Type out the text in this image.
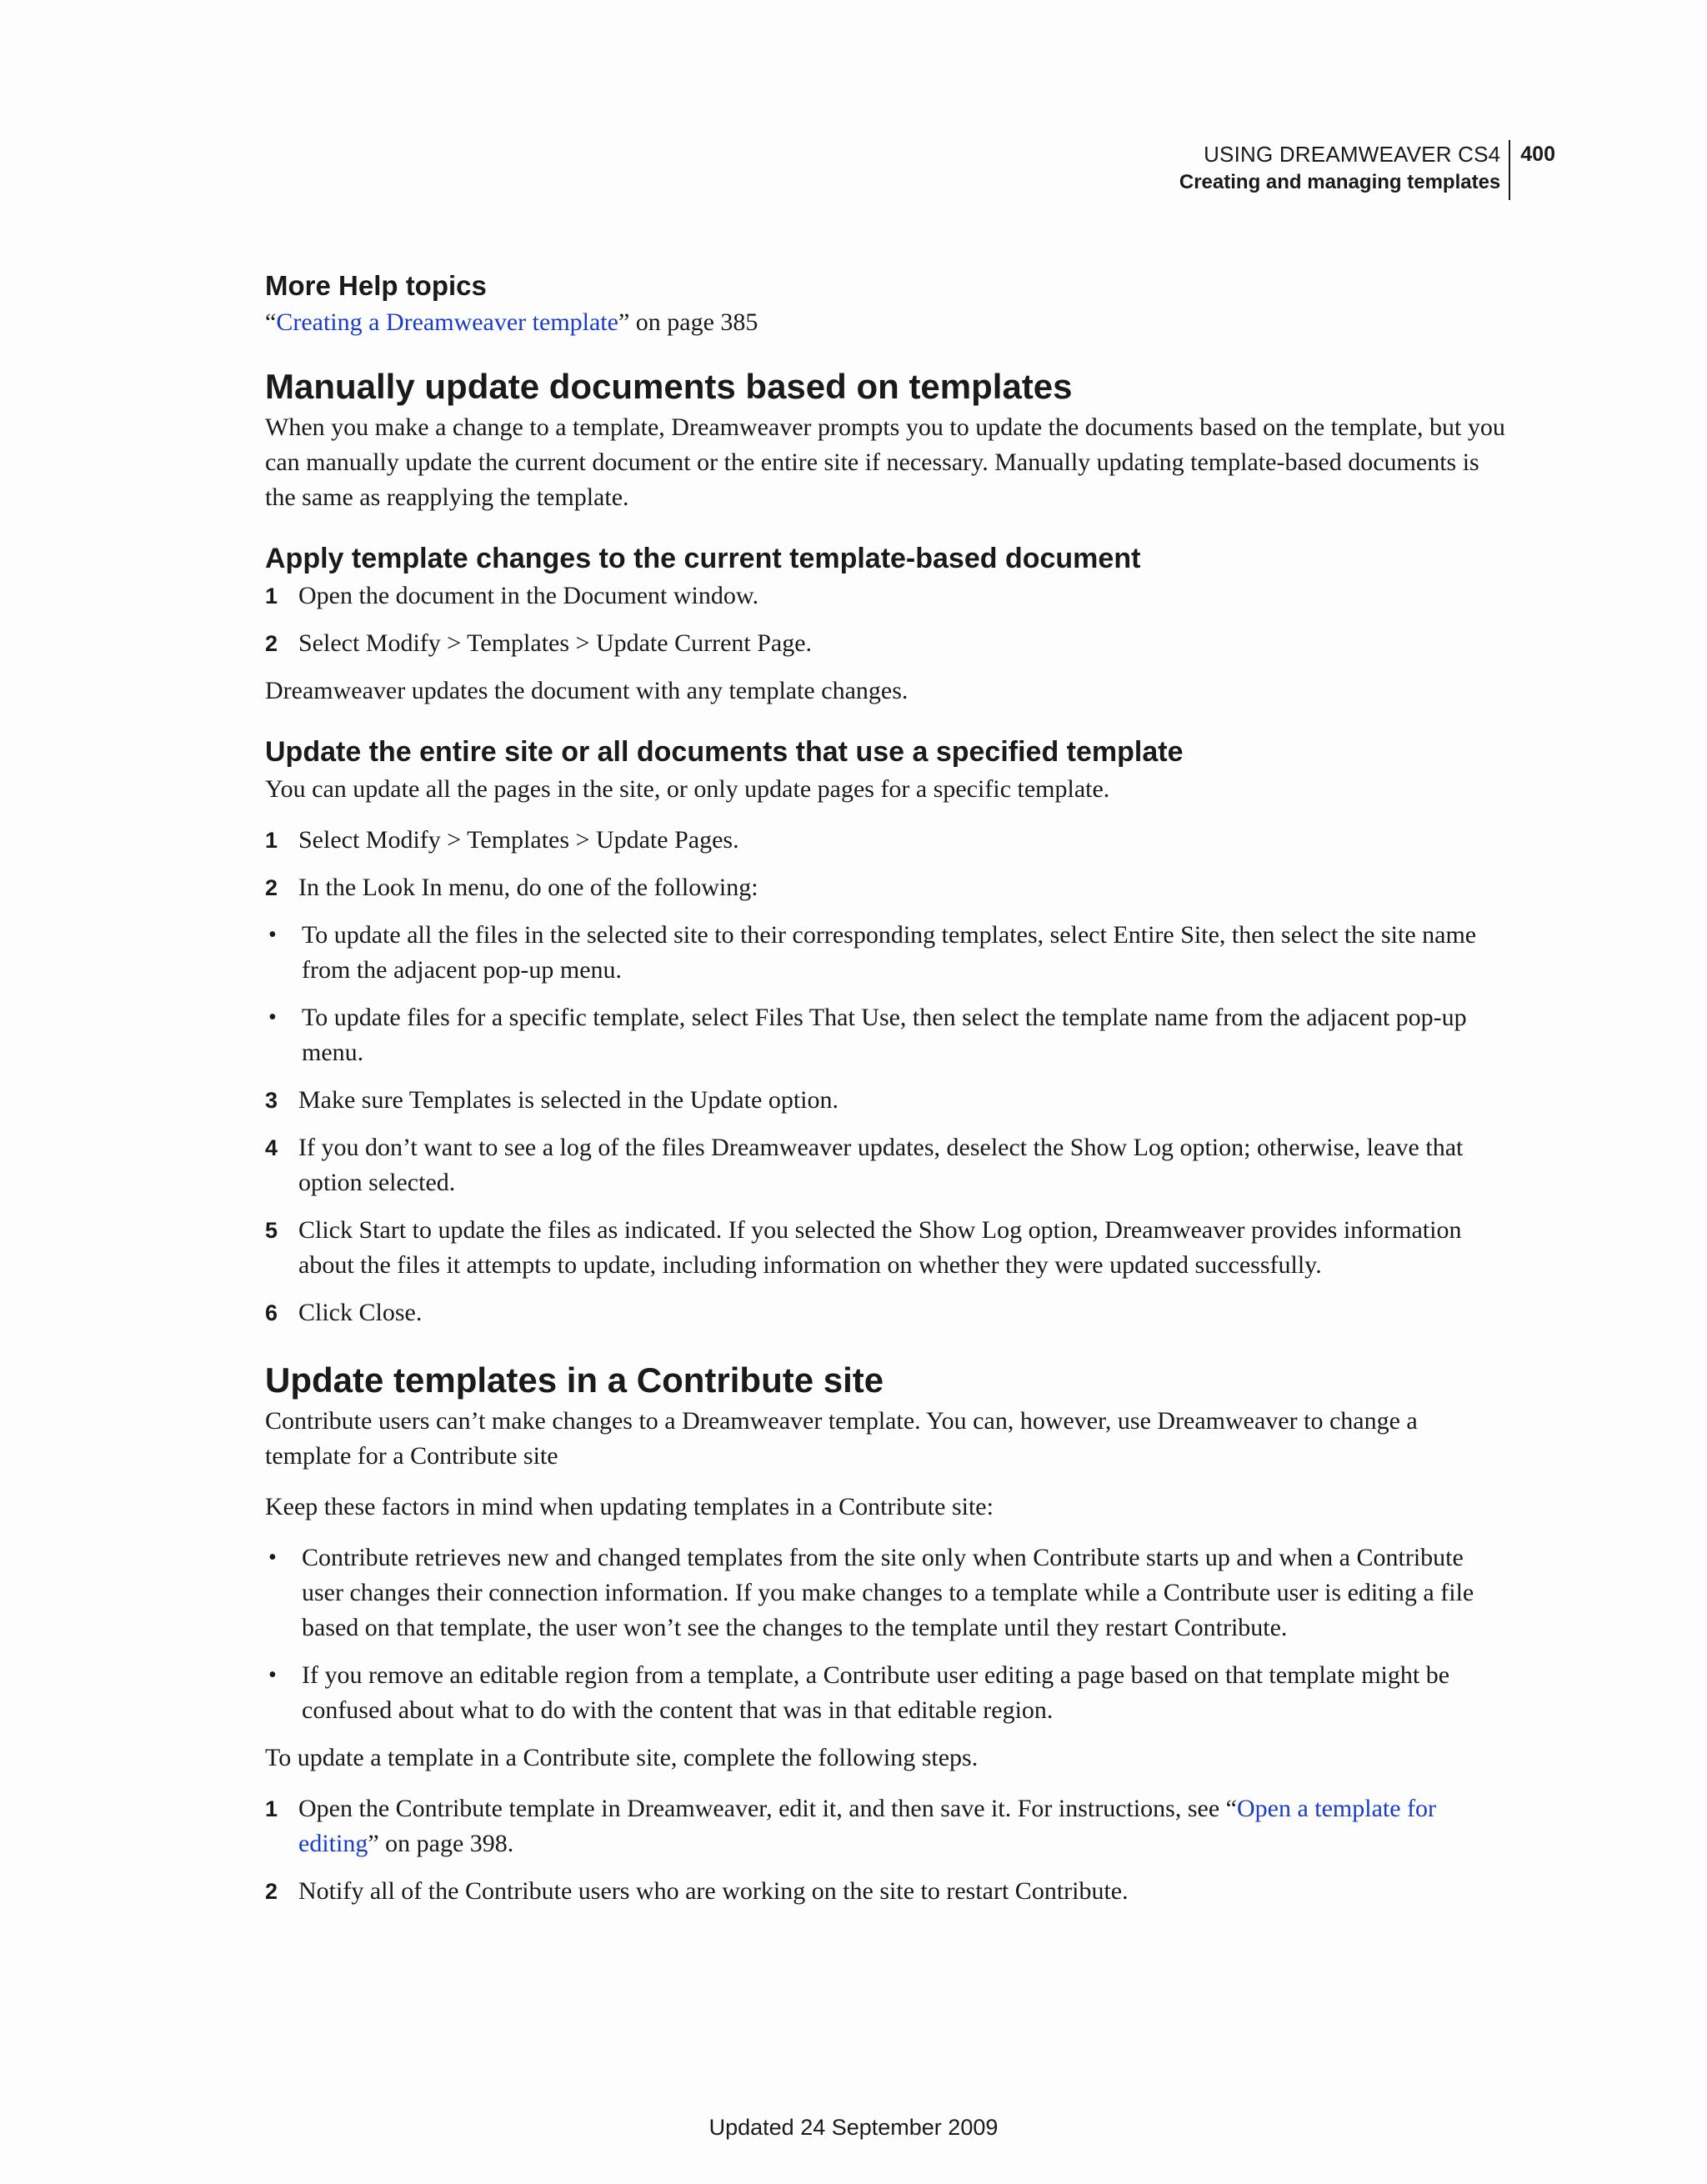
USING DREAMWEAVER CS4
Creating and managing templates
400
More Help topics

“Creating a Dreamweaver template” on page 385

Manually update documents based on templates

When you make a change to a template, Dreamweaver prompts you to update the documents based on the template, but you can manually update the current document or the entire site if necessary. Manually updating template-based documents is the same as reapplying the template.

Apply template changes to the current template-based document
1 Open the document in the Document window.
2 Select Modify > Templates > Update Current Page.

Dreamweaver updates the document with any template changes.

Update the entire site or all documents that use a specified template

You can update all the pages in the site, or only update pages for a specific template.

1 Select Modify > Templates > Update Pages.
2 In the Look In menu, do one of the following:
•	To update all the files in the selected site to their corresponding templates, select Entire Site, then select the site name from the adjacent pop-up menu.
•	To update files for a specific template, select Files That Use, then select the template name from the adjacent pop-up menu.
3 Make sure Templates is selected in the Update option.
4 If you don’t want to see a log of the files Dreamweaver updates, deselect the Show Log option; otherwise, leave that option selected.
5 Click Start to update the files as indicated. If you selected the Show Log option, Dreamweaver provides information about the files it attempts to update, including information on whether they were updated successfully.
6 Click Close.
Update templates in a Contribute site

Contribute users can’t make changes to a Dreamweaver template. You can, however, use Dreamweaver to change a template for a Contribute site

Keep these factors in mind when updating templates in a Contribute site:

•	Contribute retrieves new and changed templates from the site only when Contribute starts up and when a Contribute user changes their connection information. If you make changes to a template while a Contribute user is editing a file based on that template, the user won’t see the changes to the template until they restart Contribute.
•	If you remove an editable region from a template, a Contribute user editing a page based on that template might be confused about what to do with the content that was in that editable region.

To update a template in a Contribute site, complete the following steps.

1 Open the Contribute template in Dreamweaver, edit it, and then save it. For instructions, see “Open a template for editing” on page 398.
2 Notify all of the Contribute users who are working on the site to restart Contribute.
Updated 24 September 2009
